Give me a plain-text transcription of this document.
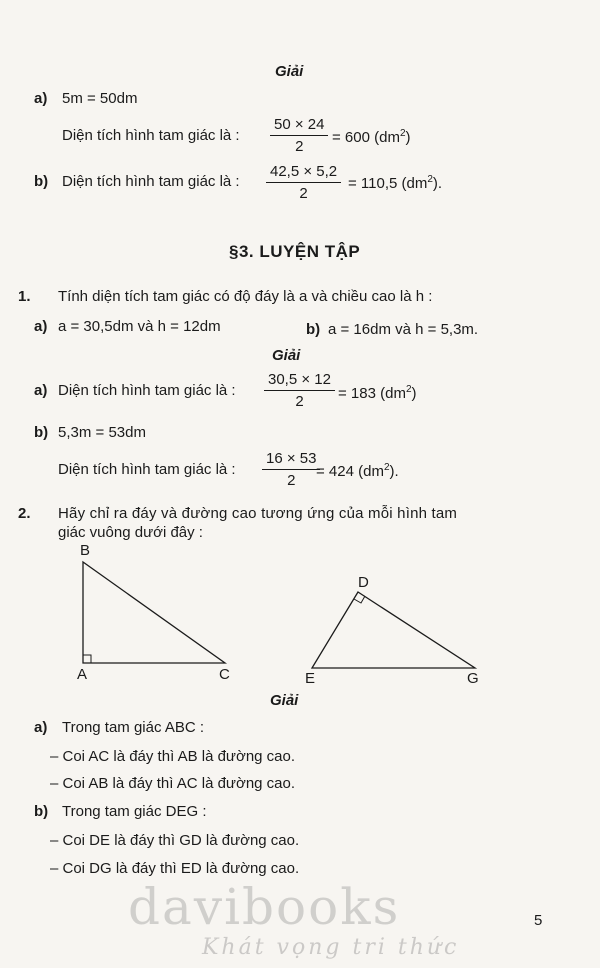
Giải
a) 5m = 50dm
Diện tích hình tam giác là : $\frac{50 \times 24}{2} = 600$ $(dm^2)$
b) Diện tích hình tam giác là : $\frac{42,5 \times 5,2}{2} = 110,5$ $(dm^2)$.
§3. LUYỆN TẬP
1. Tính diện tích tam giác có độ đáy là a và chiều cao là h :
a) a = 30,5dm và h = 12dm	b) a = 16dm và h = 5,3m.
Giải
a) Diện tích hình tam giác là : $\frac{30,5 \times 12}{2} = 183$ $(dm^2)$
b) 5,3m = 53dm
Diện tích hình tam giác là : $\frac{16 \times 53}{2}$
= 424 $(dm^2)$.
2. Hãy chỉ ra đáy và đường cao tương ứng của mỗi hình tam
giác vuông dưới đây :
B
A	C
D
E	G
Giải
a) Trong tam giác ABC :
– Coi AC là đáy thì AB là đường cao.
– Coi AB là đáy thì AC là đường cao.
b) Trong tam giác DEG :
– Coi DE là đáy thì GD là đường cao.
– Coi DG là đáy thì ED là đường cao.
davibooks
Khát vọng tri thức
5
